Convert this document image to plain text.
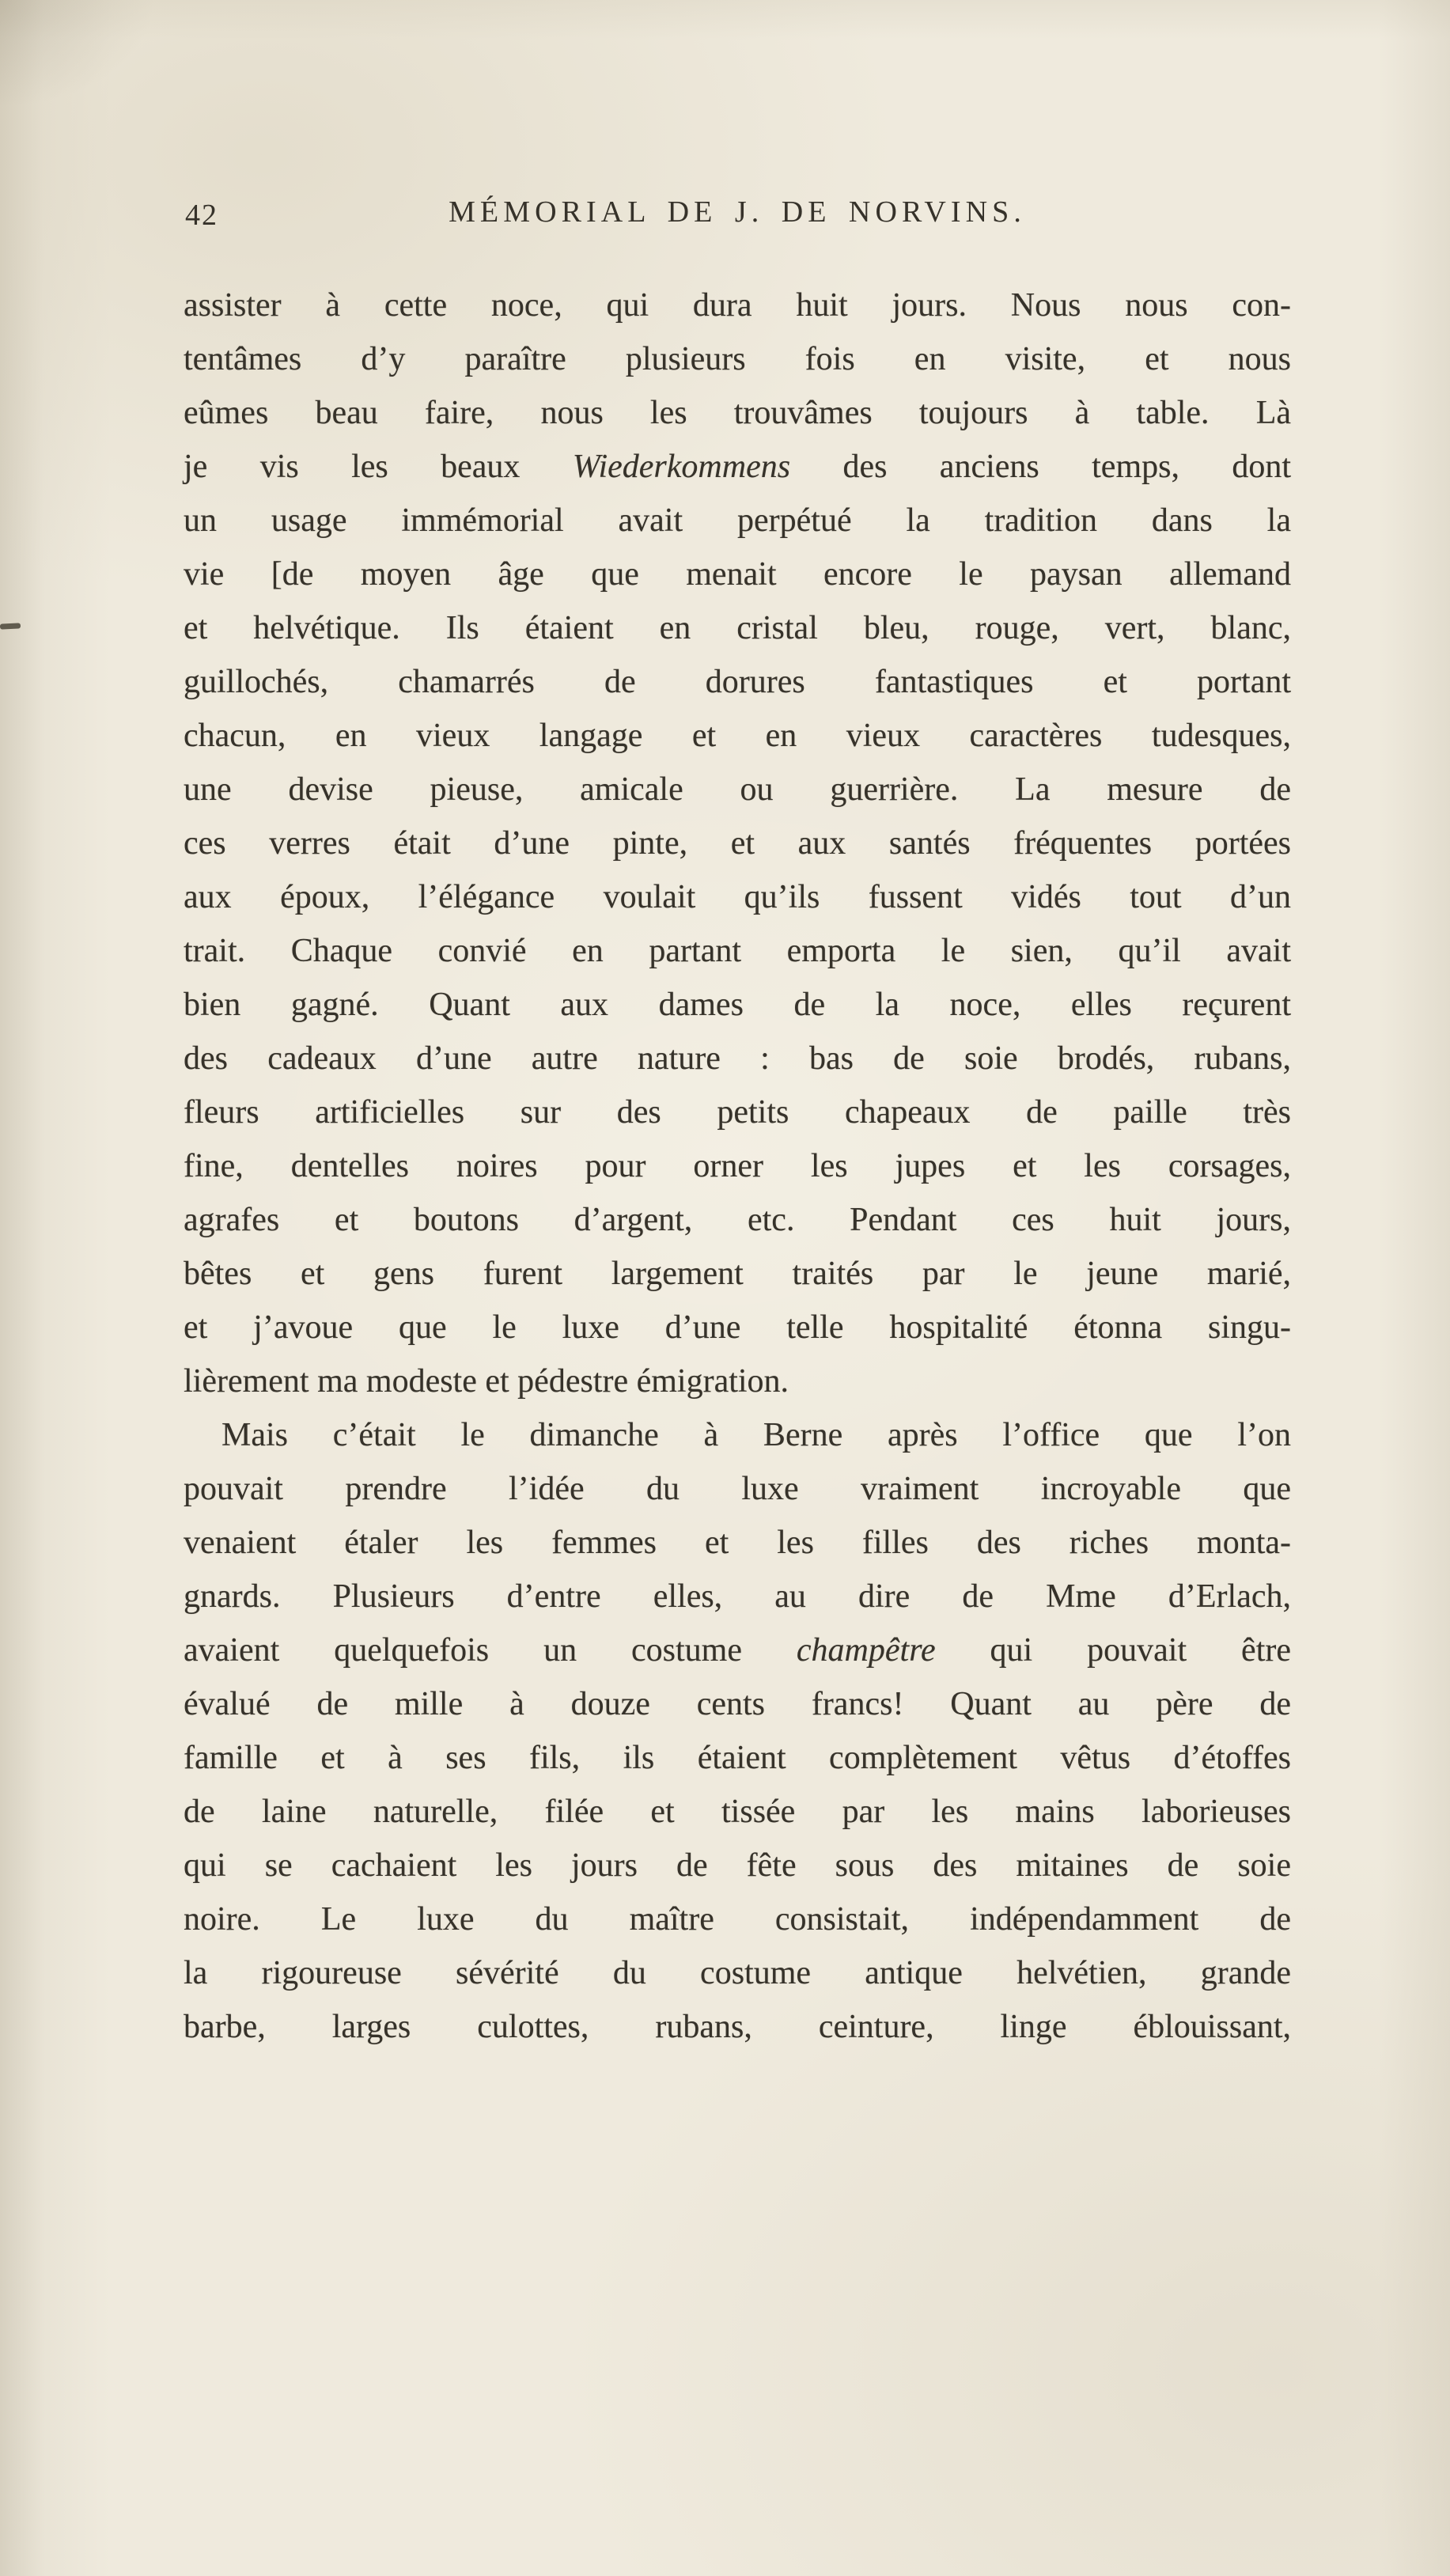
42	MÉMORIAL DE J. DE NORVINS.
assister à cette noce, qui dura huit jours. Nous nous con-
tentâmes d’y paraître plusieurs fois en visite, et nous
eûmes beau faire, nous les trouvâmes toujours à table. Là
je vis les beaux Wiederkommens des anciens temps, dont
un usage immémorial avait perpétué la tradition dans la
vie [de moyen âge que menait encore le paysan allemand
et helvétique. Ils étaient en cristal bleu, rouge, vert, blanc,
guillochés, chamarrés de dorures fantastiques et portant
chacun, en vieux langage et en vieux caractères tudesques,
une devise pieuse, amicale ou guerrière. La mesure de
ces verres était d’une pinte, et aux santés fréquentes portées
aux époux, l’élégance voulait qu’ils fussent vidés tout d’un
trait. Chaque convié en partant emporta le sien, qu’il avait
bien gagné. Quant aux dames de la noce, elles reçurent
des cadeaux d’une autre nature : bas de soie brodés, rubans,
fleurs artificielles sur des petits chapeaux de paille très
fine, dentelles noires pour orner les jupes et les corsages,
agrafes et boutons d’argent, etc. Pendant ces huit jours,
bêtes et gens furent largement traités par le jeune marié,
et j’avoue que le luxe d’une telle hospitalité étonna singu-
lièrement ma modeste et pédestre émigration.
Mais c’était le dimanche à Berne après l’office que l’on
pouvait prendre l’idée du luxe vraiment incroyable que
venaient étaler les femmes et les filles des riches monta-
gnards. Plusieurs d’entre elles, au dire de Mme d’Erlach,
avaient quelquefois un costume champêtre qui pouvait être
évalué de mille à douze cents francs! Quant au père de
famille et à ses fils, ils étaient complètement vêtus d’étoffes
de laine naturelle, filée et tissée par les mains laborieuses
qui se cachaient les jours de fête sous des mitaines de soie
noire. Le luxe du maître consistait, indépendamment de
la rigoureuse sévérité du costume antique helvétien, grande
barbe, larges culottes, rubans, ceinture, linge éblouissant,
